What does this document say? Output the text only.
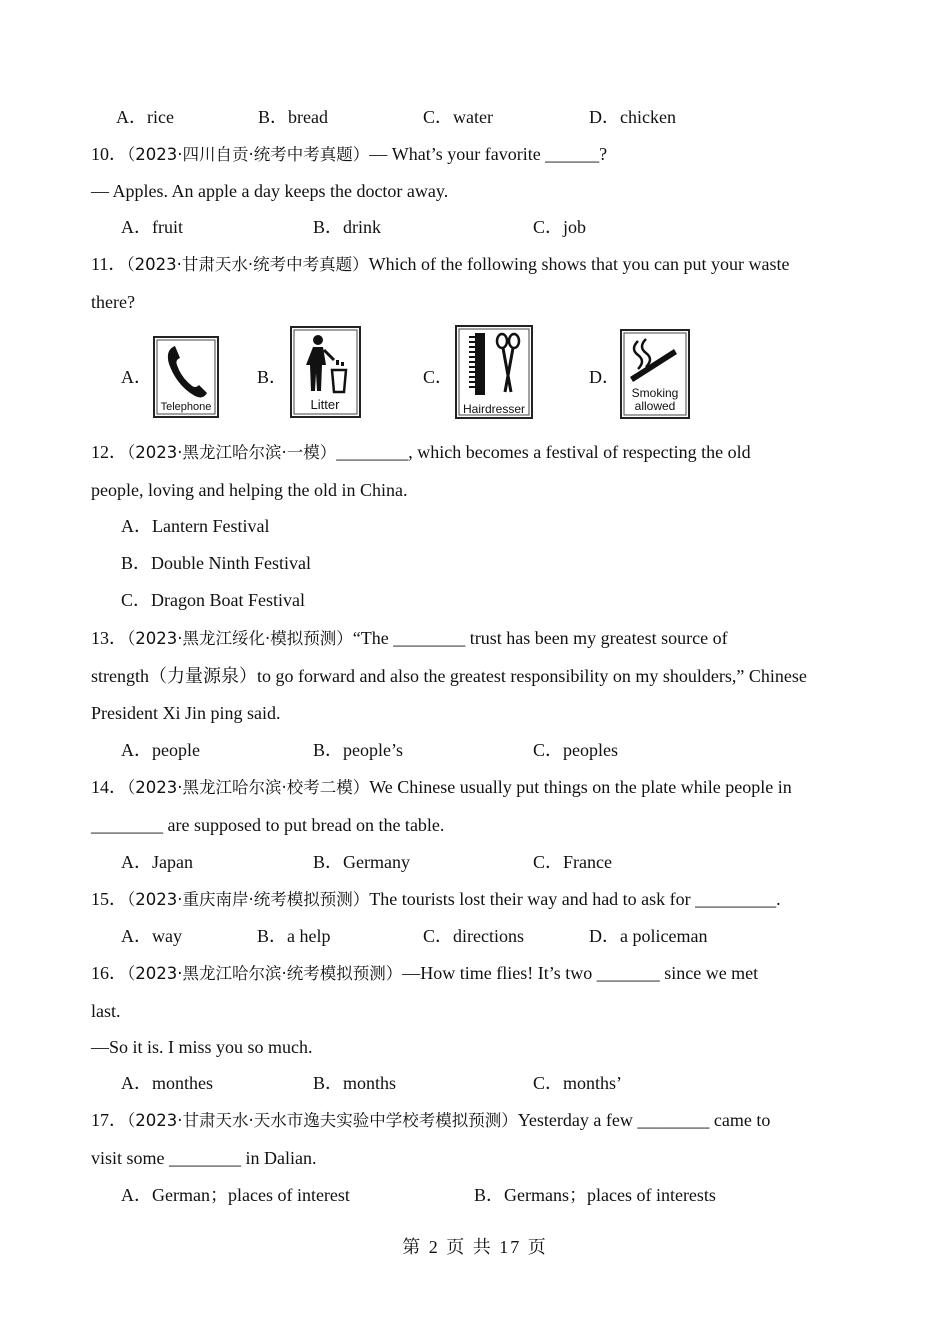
A．rice	B．bread	C．water	D．chicken
10．（2023·四川自贡·统考中考真题）— What’s your favorite ______?
— Apples. An apple a day keeps the doctor away.
A．fruit	B．drink	C．job
11．（2023·甘肃天水·统考中考真题）Which of the following shows that you can put your waste
there?
A．	B．	C．	D．
Telephone	Litter	Hairdresser
Smoking
allowed
12．（2023·黑龙江哈尔滨·一模）________, which becomes a festival of respecting the old
people, loving and helping the old in China.
A．Lantern Festival
B．Double Ninth Festival
C．Dragon Boat Festival
13．（2023·黑龙江绥化·模拟预测）“The ________ trust has been my greatest source of
strength（力量源泉）to go forward and also the greatest responsibility on my shoulders,” Chinese
President Xi Jin ping said.
A．people	B．people’s	C．peoples
14．（2023·黑龙江哈尔滨·校考二模）We Chinese usually put things on the plate while people in
________ are supposed to put bread on the table.
A．Japan	B．Germany	C．France
15．（2023·重庆南岸·统考模拟预测）The tourists lost their way and had to ask for _________.
A．way	B．a help	C．directions	D．a policeman
16．（2023·黑龙江哈尔滨·统考模拟预测）—How time flies! It’s two _______ since we met
last.
—So it is. I miss you so much.
A．monthes	B．months	C．months’
17．（2023·甘肃天水·天水市逸夫实验中学校考模拟预测）Yesterday a few ________ came to
visit some ________ in Dalian.
A．German；places of interest	B．Germans；places of interests
第 2 页 共 17 页
